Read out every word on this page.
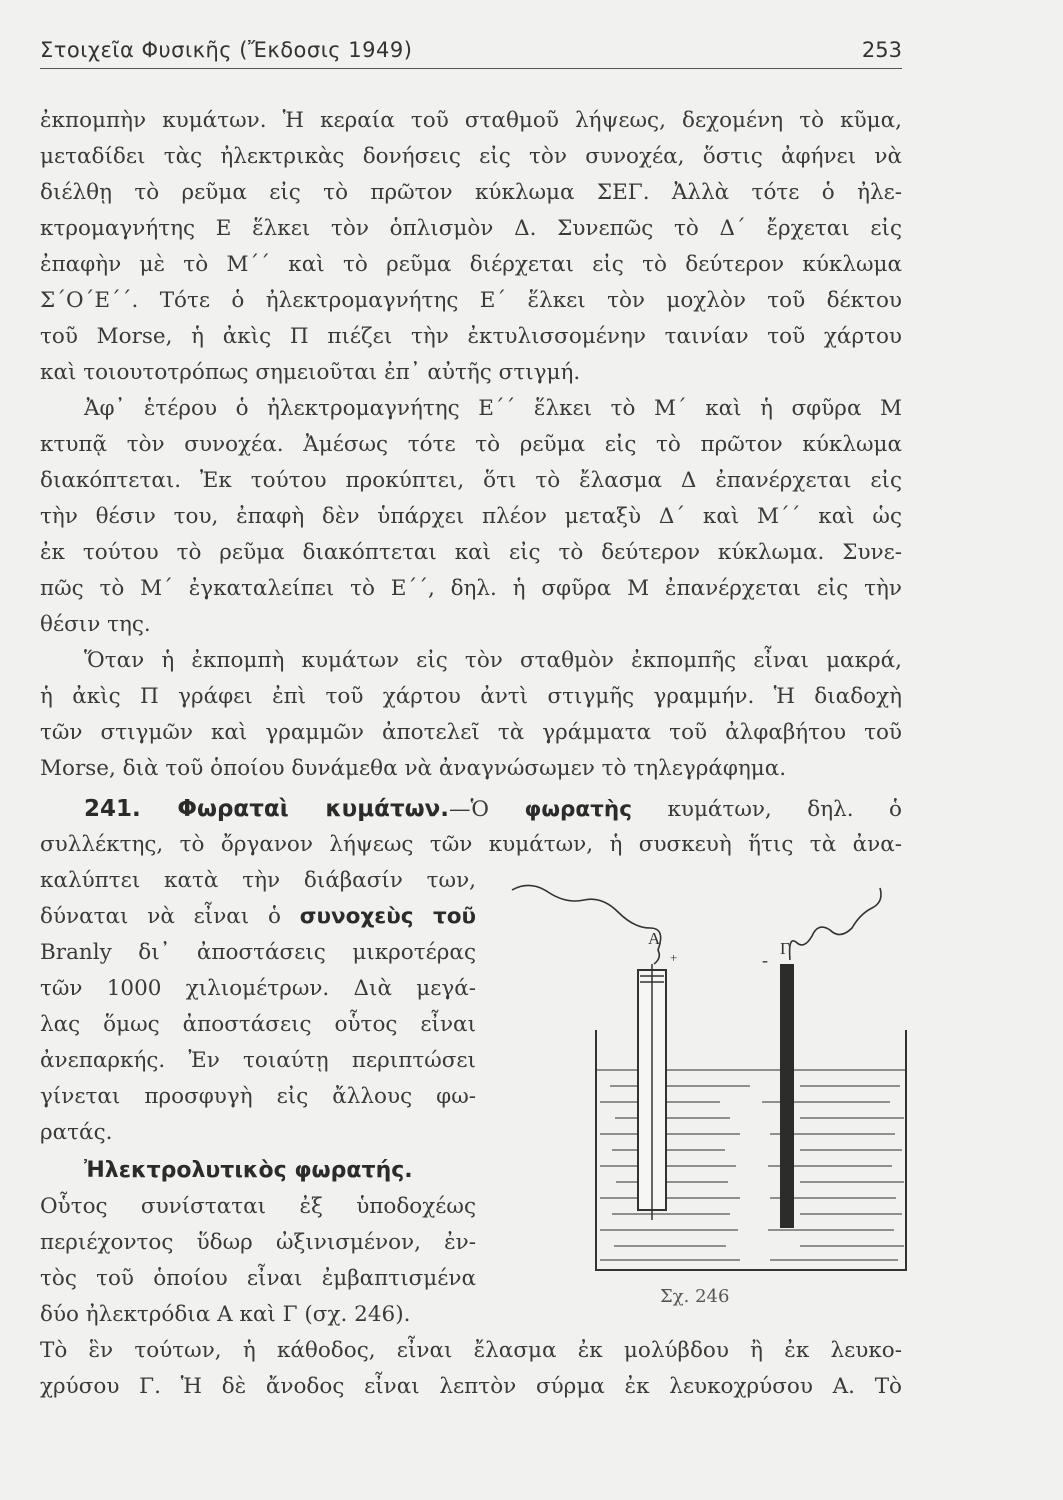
Στοιχεῖα Φυσικῆς (Ἔκδοσις 1949)	253
ἐκπομπὴν κυμάτων. Ἡ κεραία τοῦ σταθμοῦ λήψεως, δεχομένη τὸ κῦμα,
μεταδίδει τὰς ἠλεκτρικὰς δονήσεις εἰς τὸν συνοχέα, ὅστις ἀφήνει νὰ
διέλθῃ τὸ ρεῦμα εἰς τὸ πρῶτον κύκλωμα ΣΕΓ. Ἀλλὰ τότε ὁ ἠλε-
κτρομαγνήτης Ε ἕλκει τὸν ὁπλισμὸν Δ. Συνεπῶς τὸ Δ΄ ἔρχεται εἰς
ἐπαφὴν μὲ τὸ Μ΄΄ καὶ τὸ ρεῦμα διέρχεται εἰς τὸ δεύτερον κύκλωμα
Σ΄Ο΄Ε΄΄. Τότε ὁ ἠλεκτρομαγνήτης Ε΄ ἕλκει τὸν μοχλὸν τοῦ δέκτου
τοῦ Morse, ἡ ἀκὶς Π πιέζει τὴν ἐκτυλισσομένην ταινίαν τοῦ χάρτου
καὶ τοιουτοτρόπως σημειοῦται ἐπ᾽ αὐτῆς στιγμή.
Ἀφ᾽ ἑτέρου ὁ ἠλεκτρομαγνήτης Ε΄΄ ἕλκει τὸ Μ΄ καὶ ἡ σφῦρα Μ
κτυπᾷ τὸν συνοχέα. Ἀμέσως τότε τὸ ρεῦμα εἰς τὸ πρῶτον κύκλωμα
διακόπτεται. Ἐκ τούτου προκύπτει, ὅτι τὸ ἔλασμα Δ ἐπανέρχεται εἰς
τὴν θέσιν του, ἐπαφὴ δὲν ὑπάρχει πλέον μεταξὺ Δ΄ καὶ Μ΄΄ καὶ ὡς
ἐκ τούτου τὸ ρεῦμα διακόπτεται καὶ εἰς τὸ δεύτερον κύκλωμα. Συνε-
πῶς τὸ Μ΄ ἐγκαταλείπει τὸ Ε΄΄, δηλ. ἡ σφῦρα Μ ἐπανέρχεται εἰς τὴν
θέσιν της.
Ὅταν ἡ ἐκπομπὴ κυμάτων εἰς τὸν σταθμὸν ἐκπομπῆς εἶναι μακρά,
ἡ ἀκὶς Π γράφει ἐπὶ τοῦ χάρτου ἀντὶ στιγμῆς γραμμήν. Ἡ διαδοχὴ
τῶν στιγμῶν καὶ γραμμῶν ἀποτελεῖ τὰ γράμματα τοῦ ἀλφαβήτου τοῦ
Morse, διὰ τοῦ ὁποίου δυνάμεθα νὰ ἀναγνώσωμεν τὸ τηλεγράφημα.
241. Φωραταὶ κυμάτων.—Ὁ φωρατὴς κυμάτων, δηλ. ὁ
συλλέκτης, τὸ ὄργανον λήψεως τῶν κυμάτων, ἡ συσκευὴ ἥτις τὰ ἀνα-
καλύπτει κατὰ τὴν διάβασίν των,
δύναται νὰ εἶναι ὁ συνοχεὺς τοῦ
Branly δι᾽ ἀποστάσεις μικροτέρας
τῶν 1000 χιλιομέτρων. Διὰ μεγά-
λας ὅμως ἀποστάσεις οὗτος εἶναι
ἀνεπαρκής. Ἐν τοιαύτῃ περιπτώσει
γίνεται προσφυγὴ εἰς ἄλλους φω-
ρατάς.
Ἠλεκτρολυτικὸς φωρατής.
Οὗτος συνίσταται ἐξ ὑποδοχέως
περιέχοντος ὕδωρ ὠξινισμένον, ἐν-
τὸς τοῦ ὁποίου εἶναι ἐμβαπτισμένα
δύο ἠλεκτρόδια Α καὶ Γ (σχ. 246).
Τὸ ἓν τούτων, ἡ κάθοδος, εἶναι ἔλασμα ἐκ μολύβδου ἢ ἐκ λευκο-
χρύσου Γ. Ἡ δὲ ἄνοδος εἶναι λεπτὸν σύρμα ἐκ λευκοχρύσου Α. Τὸ
Α
+	-
Γ
Σχ. 246
